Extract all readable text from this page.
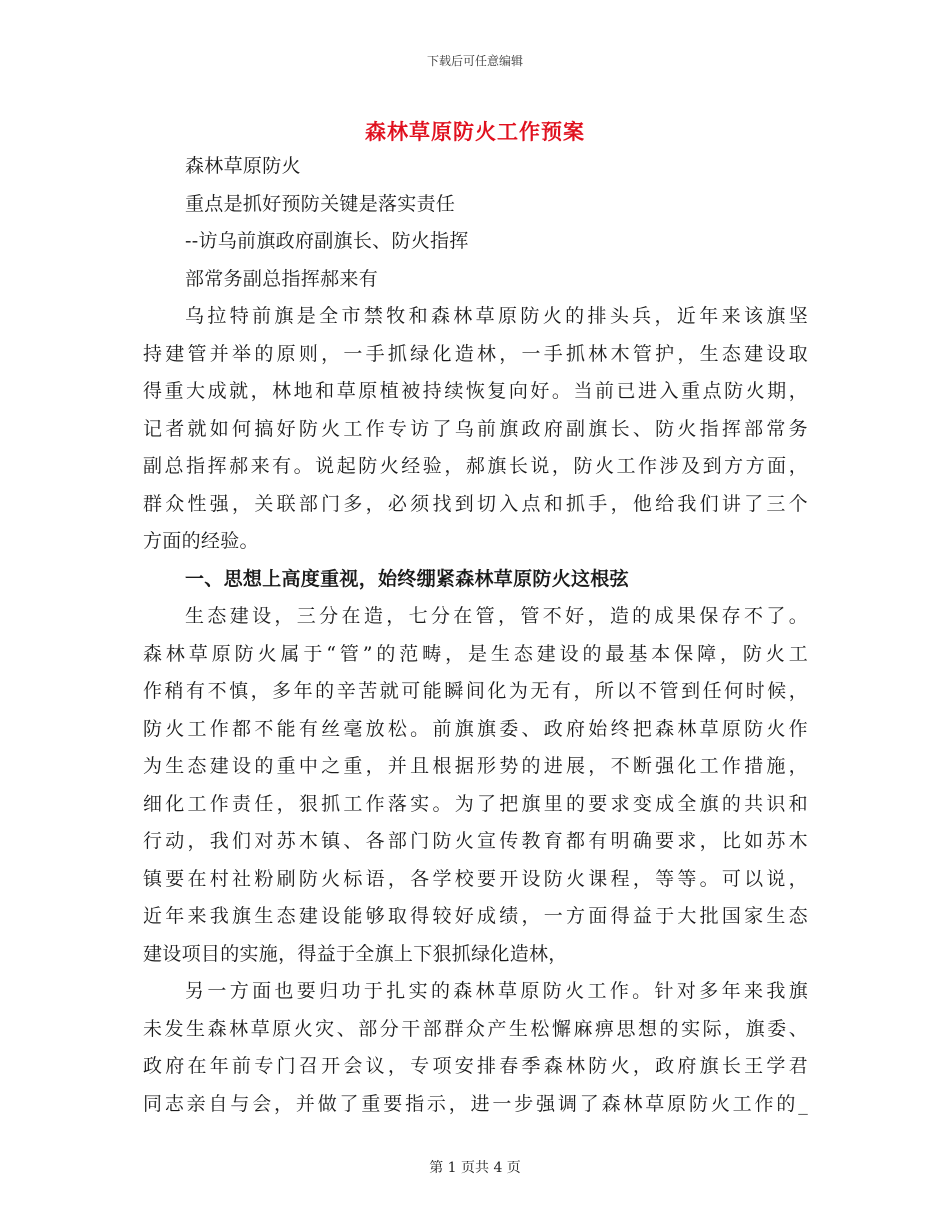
下载后可任意编辑
森林草原防火工作预案
森林草原防火
重点是抓好预防关键是落实责任
--访乌前旗政府副旗长、防火指挥
部常务副总指挥郝来有
乌拉特前旗是全市禁牧和森林草原防火的排头兵，近年来该旗坚
持建管并举的原则，一手抓绿化造林，一手抓林木管护，生态建设取
得重大成就，林地和草原植被持续恢复向好。当前已进入重点防火期，
记者就如何搞好防火工作专访了乌前旗政府副旗长、防火指挥部常务
副总指挥郝来有。说起防火经验，郝旗长说，防火工作涉及到方方面，
群众性强，关联部门多，必须找到切入点和抓手，他给我们讲了三个
方面的经验。
一、思想上高度重视，始终绷紧森林草原防火这根弦
生态建设，三分在造，七分在管，管不好，造的成果保存不了。
森林草原防火属于“管”的范畴，是生态建设的最基本保障，防火工
作稍有不慎，多年的辛苦就可能瞬间化为无有，所以不管到任何时候，
防火工作都不能有丝毫放松。前旗旗委、政府始终把森林草原防火作
为生态建设的重中之重，并且根据形势的进展，不断强化工作措施，
细化工作责任，狠抓工作落实。为了把旗里的要求变成全旗的共识和
行动，我们对苏木镇、各部门防火宣传教育都有明确要求，比如苏木
镇要在村社粉刷防火标语，各学校要开设防火课程，等等。可以说，
近年来我旗生态建设能够取得较好成绩，一方面得益于大批国家生态
建设项目的实施，得益于全旗上下狠抓绿化造林，
另一方面也要归功于扎实的森林草原防火工作。针对多年来我旗
未发生森林草原火灾、部分干部群众产生松懈麻痹思想的实际，旗委、
政府在年前专门召开会议，专项安排春季森林防火，政府旗长王学君
同志亲自与会，并做了重要指示，进一步强调了森林草原防火工作的_
第 1 页共 4 页
